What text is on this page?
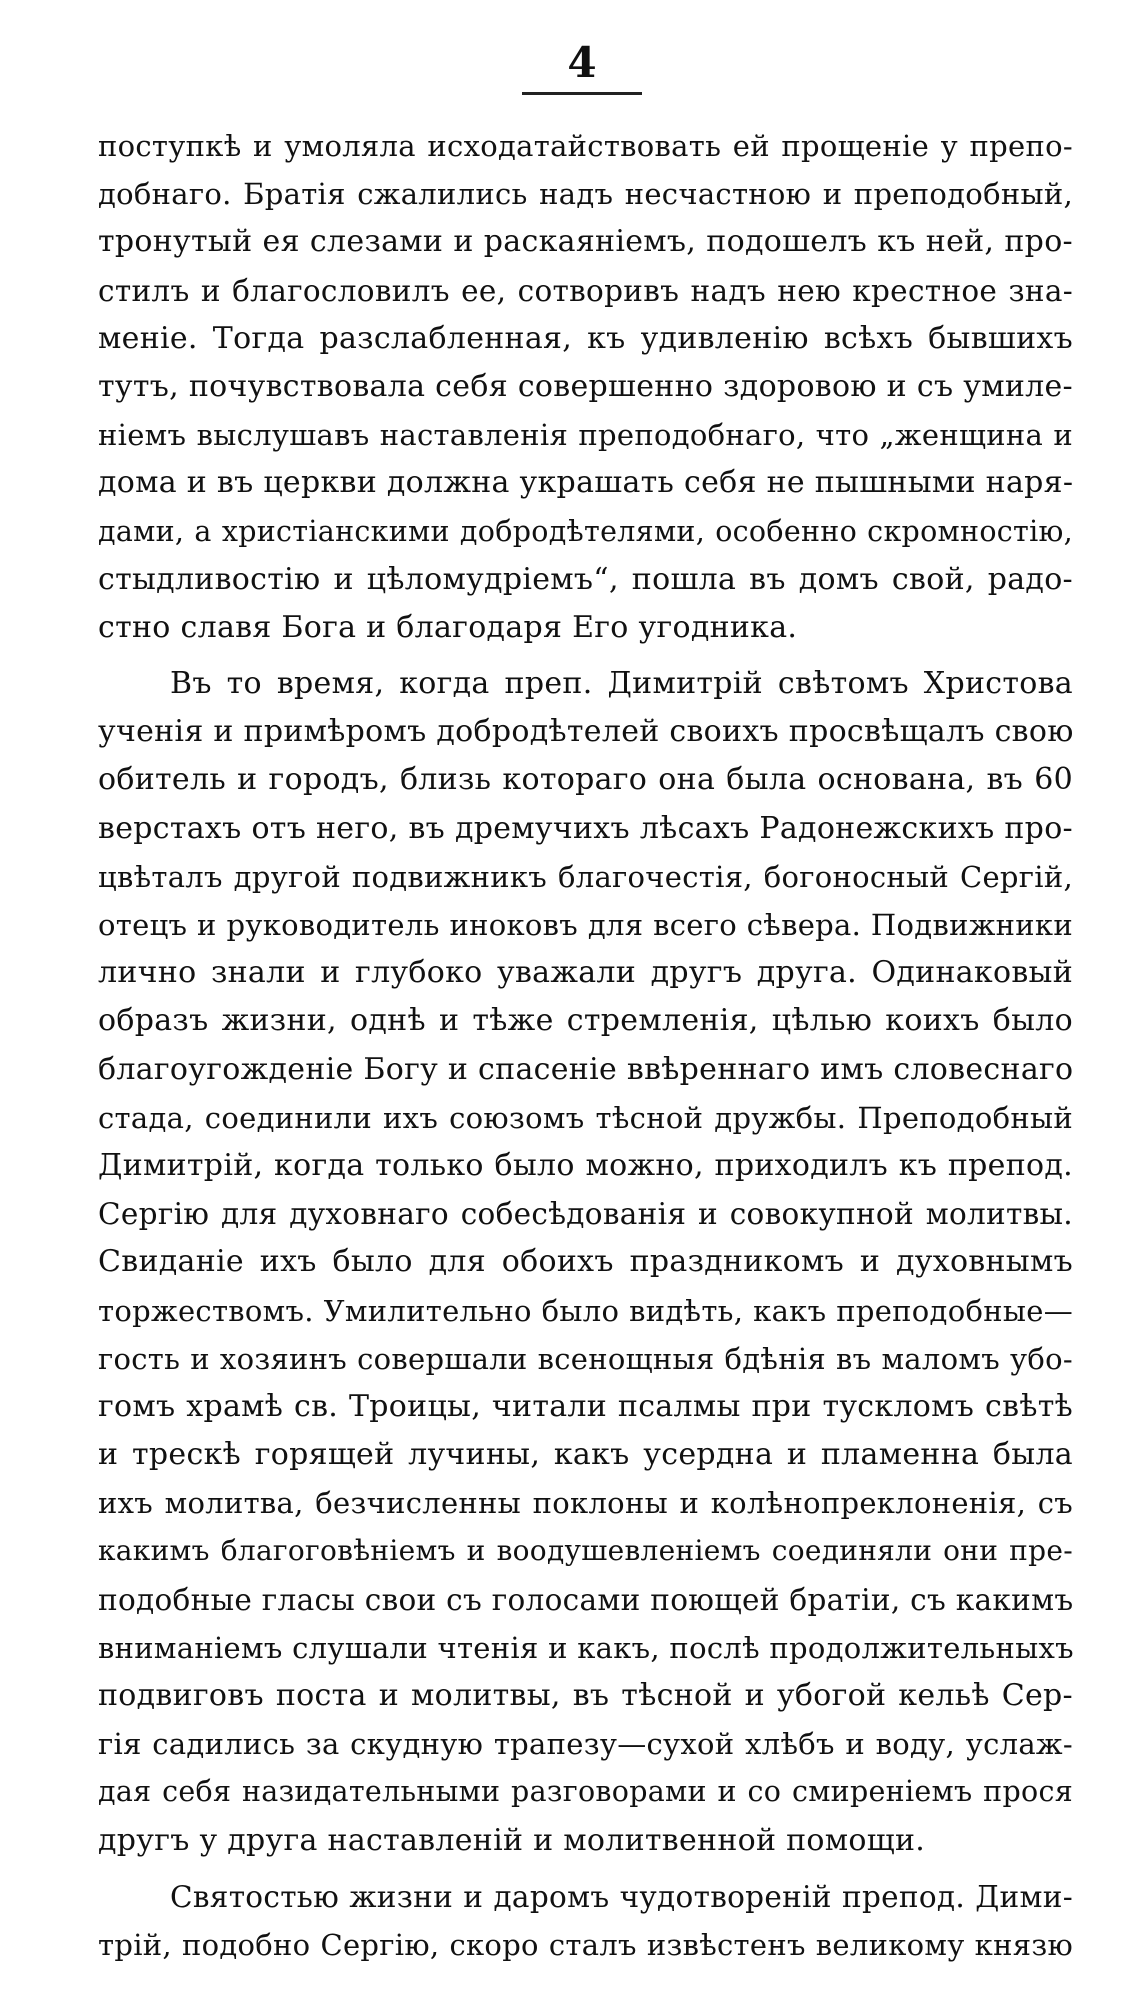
4
поступкѣ и умоляла исходатайствовать ей прощеніе у препо-
добнаго. Братія сжалились надъ несчастною и преподобный,
тронутый ея слезами и раскаяніемъ, подошелъ къ ней, про-
стилъ и благословилъ ее, сотворивъ надъ нею крестное зна-
меніе. Тогда разслабленная, къ удивленію всѣхъ бывшихъ
тутъ, почувствовала себя совершенно здоровою и съ умиле-
ніемъ выслушавъ наставленія преподобнаго, что „женщина и
дома и въ церкви должна украшать себя не пышными наря-
дами, а христіанскими добродѣтелями, особенно скромностію,
стыдливостію и цѣломудріемъ“, пошла въ домъ свой, радо-
стно славя Бога и благодаря Его угодника.
Въ то время, когда преп. Димитрій свѣтомъ Христова
ученія и примѣромъ добродѣтелей своихъ просвѣщалъ свою
обитель и городъ, близь котораго она была основана, въ 60
верстахъ отъ него, въ дремучихъ лѣсахъ Радонежскихъ про-
цвѣталъ другой подвижникъ благочестія, богоносный Сергій,
отецъ и руководитель иноковъ для всего сѣвера. Подвижники
лично знали и глубоко уважали другъ друга. Одинаковый
образъ жизни, однѣ и тѣже стремленія, цѣлью коихъ было
благоугожденіе Богу и спасеніе ввѣреннаго имъ словеснаго
стада, соединили ихъ союзомъ тѣсной дружбы. Преподобный
Димитрій, когда только было можно, приходилъ къ препод.
Сергію для духовнаго собесѣдованія и совокупной молитвы.
Свиданіе ихъ было для обоихъ праздникомъ и духовнымъ
торжествомъ. Умилительно было видѣть, какъ преподобные—
гость и хозяинъ совершали всенощныя бдѣнія въ маломъ убо-
гомъ храмѣ св. Троицы, читали псалмы при тускломъ свѣтѣ
и трескѣ горящей лучины, какъ усердна и пламенна была
ихъ молитва, безчисленны поклоны и колѣнопреклоненія, съ
какимъ благоговѣніемъ и воодушевленіемъ соединяли они пре-
подобные гласы свои съ голосами поющей братіи, съ какимъ
вниманіемъ слушали чтенія и какъ, послѣ продолжительныхъ
подвиговъ поста и молитвы, въ тѣсной и убогой кельѣ Сер-
гія садились за скудную трапезу—сухой хлѣбъ и воду, услаж-
дая себя назидательными разговорами и со смиреніемъ прося
другъ у друга наставленій и молитвенной помощи.
Святостью жизни и даромъ чудотвореній препод. Дими-
трій, подобно Сергію, скоро сталъ извѣстенъ великому князю
